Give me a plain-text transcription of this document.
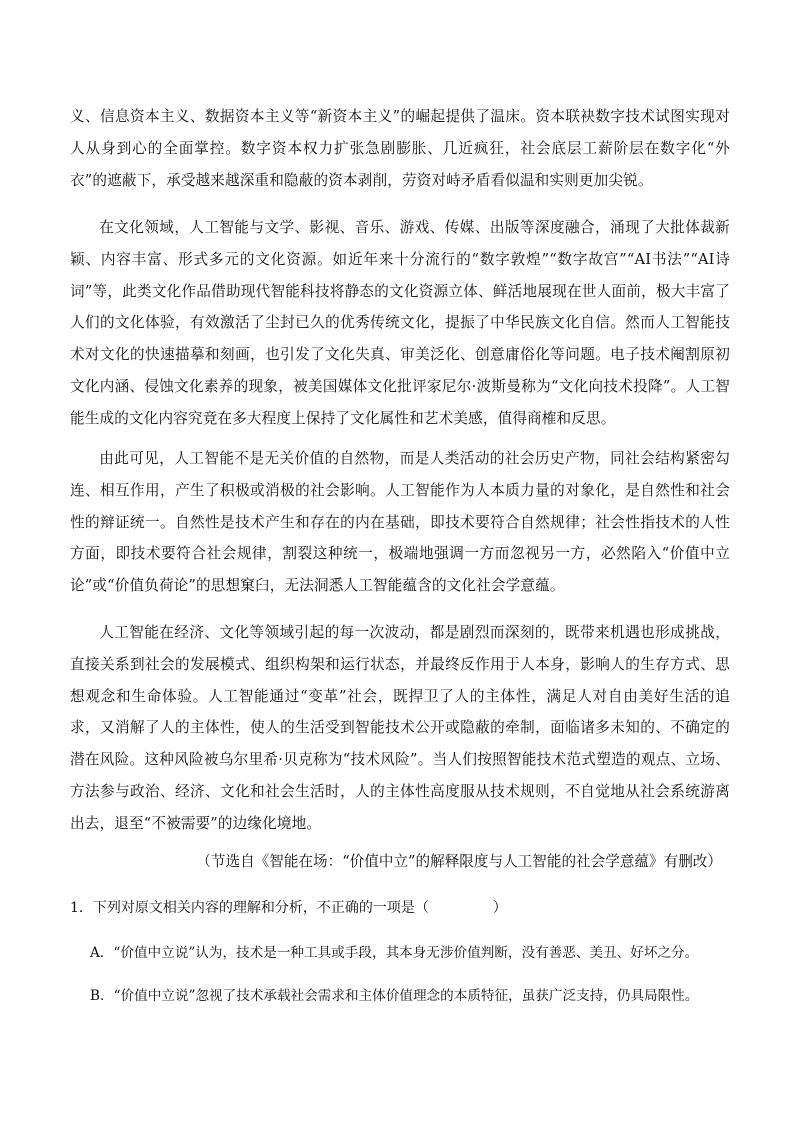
义、信息资本主义、数据资本主义等“新资本主义”的崛起提供了温床。资本联袂数字技术试图实现对人从身到心的全面掌控。数字资本权力扩张急剧膨胀、几近疯狂，社会底层工薪阶层在数字化“外衣”的遮蔽下，承受越来越深重和隐蔽的资本剥削，劳资对峙矛盾看似温和实则更加尖锐。

在文化领域，人工智能与文学、影视、音乐、游戏、传媒、出版等深度融合，涌现了大批体裁新颖、内容丰富、形式多元的文化资源。如近年来十分流行的“数字敦煌”“数字故宫”“AI书法”“AI诗词”等，此类文化作品借助现代智能科技将静态的文化资源立体、鲜活地展现在世人面前，极大丰富了人们的文化体验，有效激活了尘封已久的优秀传统文化，提振了中华民族文化自信。然而人工智能技术对文化的快速描摹和刻画，也引发了文化失真、审美泛化、创意庸俗化等问题。电子技术阉割原初文化内涵、侵蚀文化素养的现象，被美国媒体文化批评家尼尔·波斯曼称为“文化向技术投降”。人工智能生成的文化内容究竟在多大程度上保持了文化属性和艺术美感，值得商榷和反思。

由此可见，人工智能不是无关价值的自然物，而是人类活动的社会历史产物，同社会结构紧密勾连、相互作用，产生了积极或消极的社会影响。人工智能作为人本质力量的对象化，是自然性和社会性的辩证统一。自然性是技术产生和存在的内在基础，即技术要符合自然规律；社会性指技术的人性方面，即技术要符合社会规律，割裂这种统一，极端地强调一方而忽视另一方，必然陷入“价值中立论”或“价值负荷论”的思想窠臼，无法洞悉人工智能蕴含的文化社会学意蕴。

人工智能在经济、文化等领域引起的每一次波动，都是剧烈而深刻的，既带来机遇也形成挑战，直接关系到社会的发展模式、组织构架和运行状态，并最终反作用于人本身，影响人的生存方式、思想观念和生命体验。人工智能通过“变革”社会，既捍卫了人的主体性，满足人对自由美好生活的追求，又消解了人的主体性，使人的生活受到智能技术公开或隐蔽的牵制，面临诸多未知的、不确定的潜在风险。这种风险被乌尔里希·贝克称为“技术风险”。当人们按照智能技术范式塑造的观点、立场、方法参与政治、经济、文化和社会生活时，人的主体性高度服从技术规则，不自觉地从社会系统游离出去，退至“不被需要”的边缘化境地。

（节选自《智能在场：“价值中立”的解释限度与人工智能的社会学意蕴》有删改）
1．下列对原文相关内容的理解和分析，不正确的一项是（	）
A．“价值中立说”认为，技术是一种工具或手段，其本身无涉价值判断，没有善恶、美丑、好坏之分。
B．“价值中立说”忽视了技术承载社会需求和主体价值理念的本质特征，虽获广泛支持，仍具局限性。
